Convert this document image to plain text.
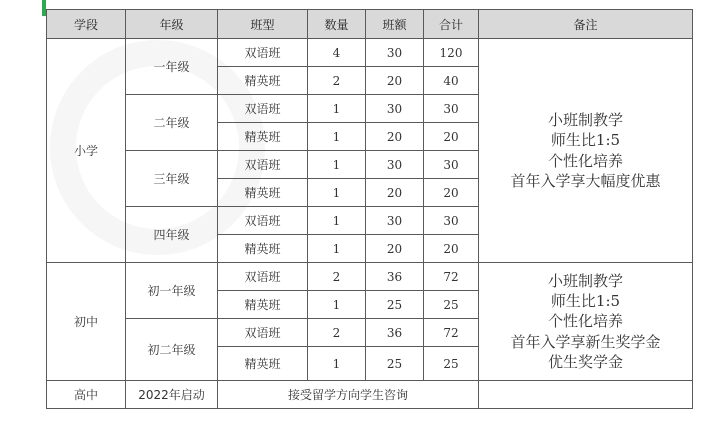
学段	年级	班型	数量	班额	合计	备注
小学	一年级	双语班	4	30	120	小班制教学
师生比1:5
个性化培养
首年入学享大幅度优惠

		精英班	2	20	40	
	二年级	双语班	1	30	30	
		精英班	1	20	20	
	三年级	双语班	1	30	30	
		精英班	1	20	20	
	四年级	双语班	1	30	30	
		精英班	1	20	20	
初中	初一年级	双语班	2	36	72	小班制教学
师生比1:5
个性化培养
首年入学享新生奖学金
优生奖学金

		精英班	1	25	25	
	初二年级	双语班	2	36	72	
		精英班	1	25	25	
高中	2022年启动	接受留学方向学生咨询				
